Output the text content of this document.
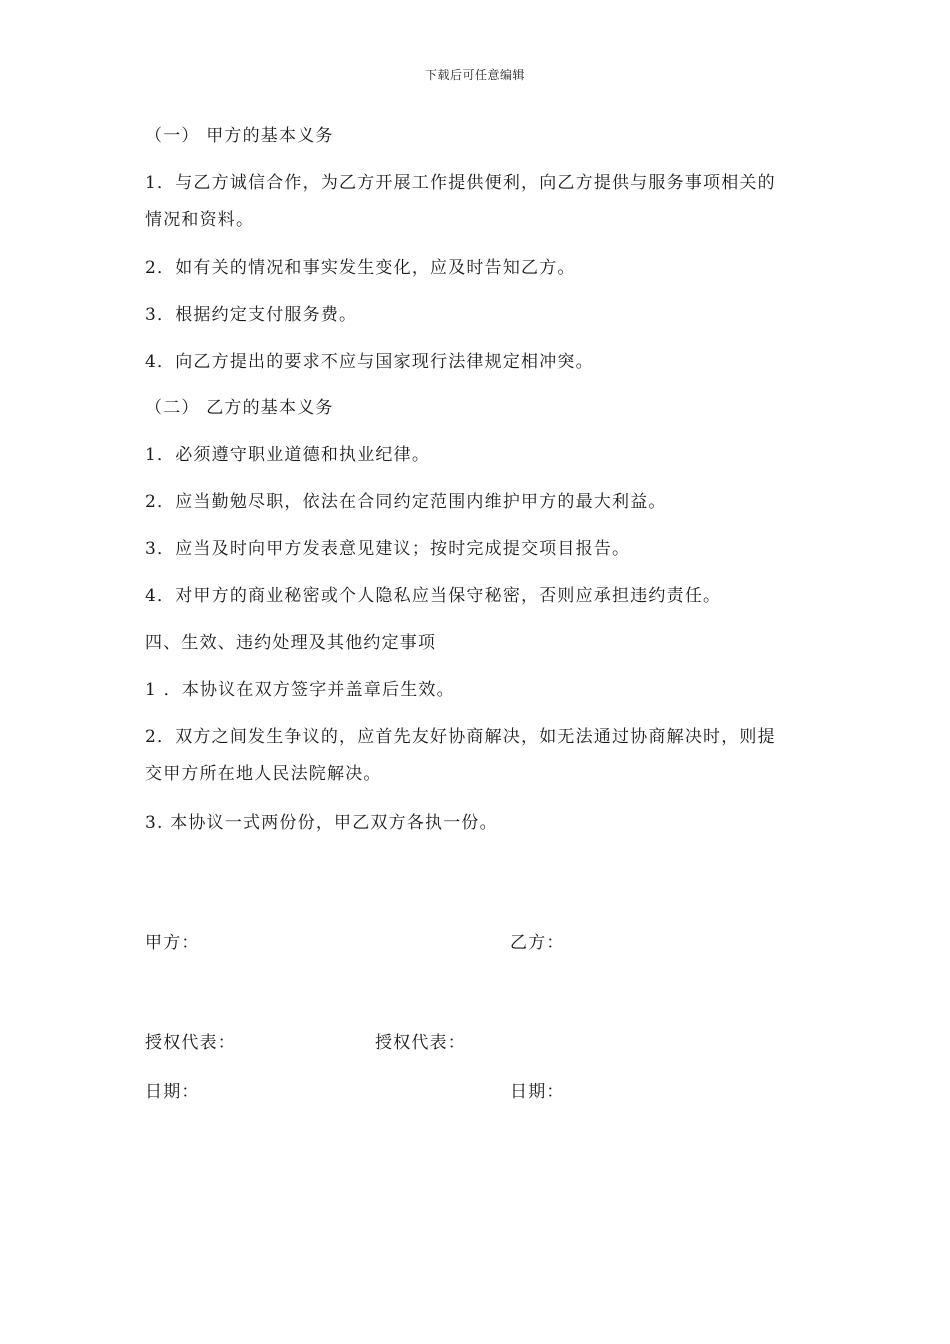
下载后可任意编辑
（一） 甲方的基本义务
1．与乙方诚信合作，为乙方开展工作提供便利，向乙方提供与服务事项相关的
情况和资料。
2．如有关的情况和事实发生变化，应及时告知乙方。
3．根据约定支付服务费。
4．向乙方提出的要求不应与国家现行法律规定相冲突。
（二） 乙方的基本义务
1．必须遵守职业道德和执业纪律。
2．应当勤勉尽职，依法在合同约定范围内维护甲方的最大利益。
3．应当及时向甲方发表意见建议；按时完成提交项目报告。
4．对甲方的商业秘密或个人隐私应当保守秘密，否则应承担违约责任。
四、生效、违约处理及其他约定事项
1 ．本协议在双方签字并盖章后生效。
2．双方之间发生争议的，应首先友好协商解决，如无法通过协商解决时，则提
交甲方所在地人民法院解决。
3. 本协议一式两份份，甲乙双方各执一份。
甲方：	乙方：
授权代表：	授权代表：
日期：	日期：
